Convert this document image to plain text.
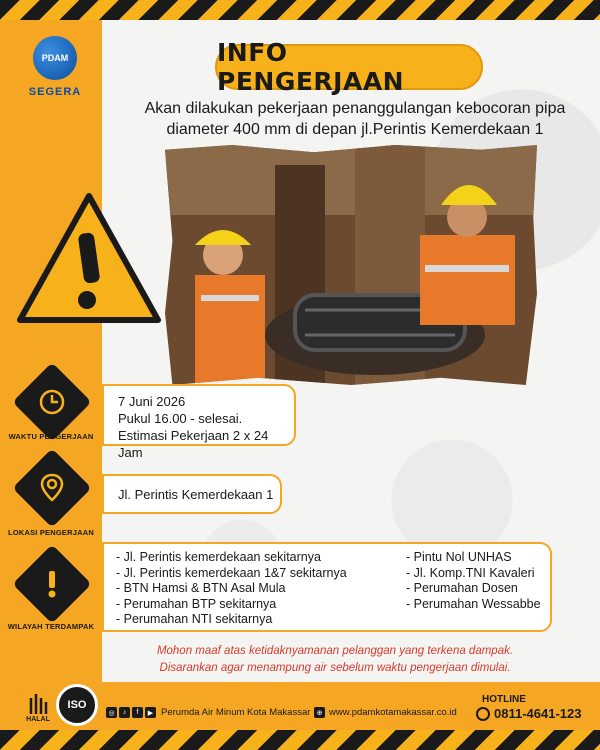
PDAM
SEGERA
INFO PENGERJAAN
Akan dilakukan pekerjaan penanggulangan kebocoran pipa diameter 400 mm di depan jl.Perintis Kemerdekaan 1
WAKTU PENGERJAAN
7 Juni 2026
Pukul 16.00 - selesai.
Estimasi Pekerjaan 2 x 24 Jam
LOKASI PENGERJAAN
Jl. Perintis Kemerdekaan 1
WILAYAH TERDAMPAK
- Jl. Perintis kemerdekaan sekitarnya
- Jl. Perintis kemerdekaan 1&7 sekitarnya
- BTN Hamsi & BTN Asal Mula
- Perumahan BTP sekitarnya
- Perumahan NTI sekitarnya
- Pintu Nol UNHAS
- Jl. Komp.TNI Kavaleri
- Perumahan Dosen
- Perumahan Wessabbe
Mohon maaf atas ketidaknyamanan pelanggan yang terkena dampak.
Disarankan agar menampung air sebelum waktu pengerjaan dimulai.
HALAL
ISO
◎	♪	f	▶ Perumda Air Minum Kota Makassar ⊕ www.pdamkotamakassar.co.id
HOTLINE
0811-4641-123
